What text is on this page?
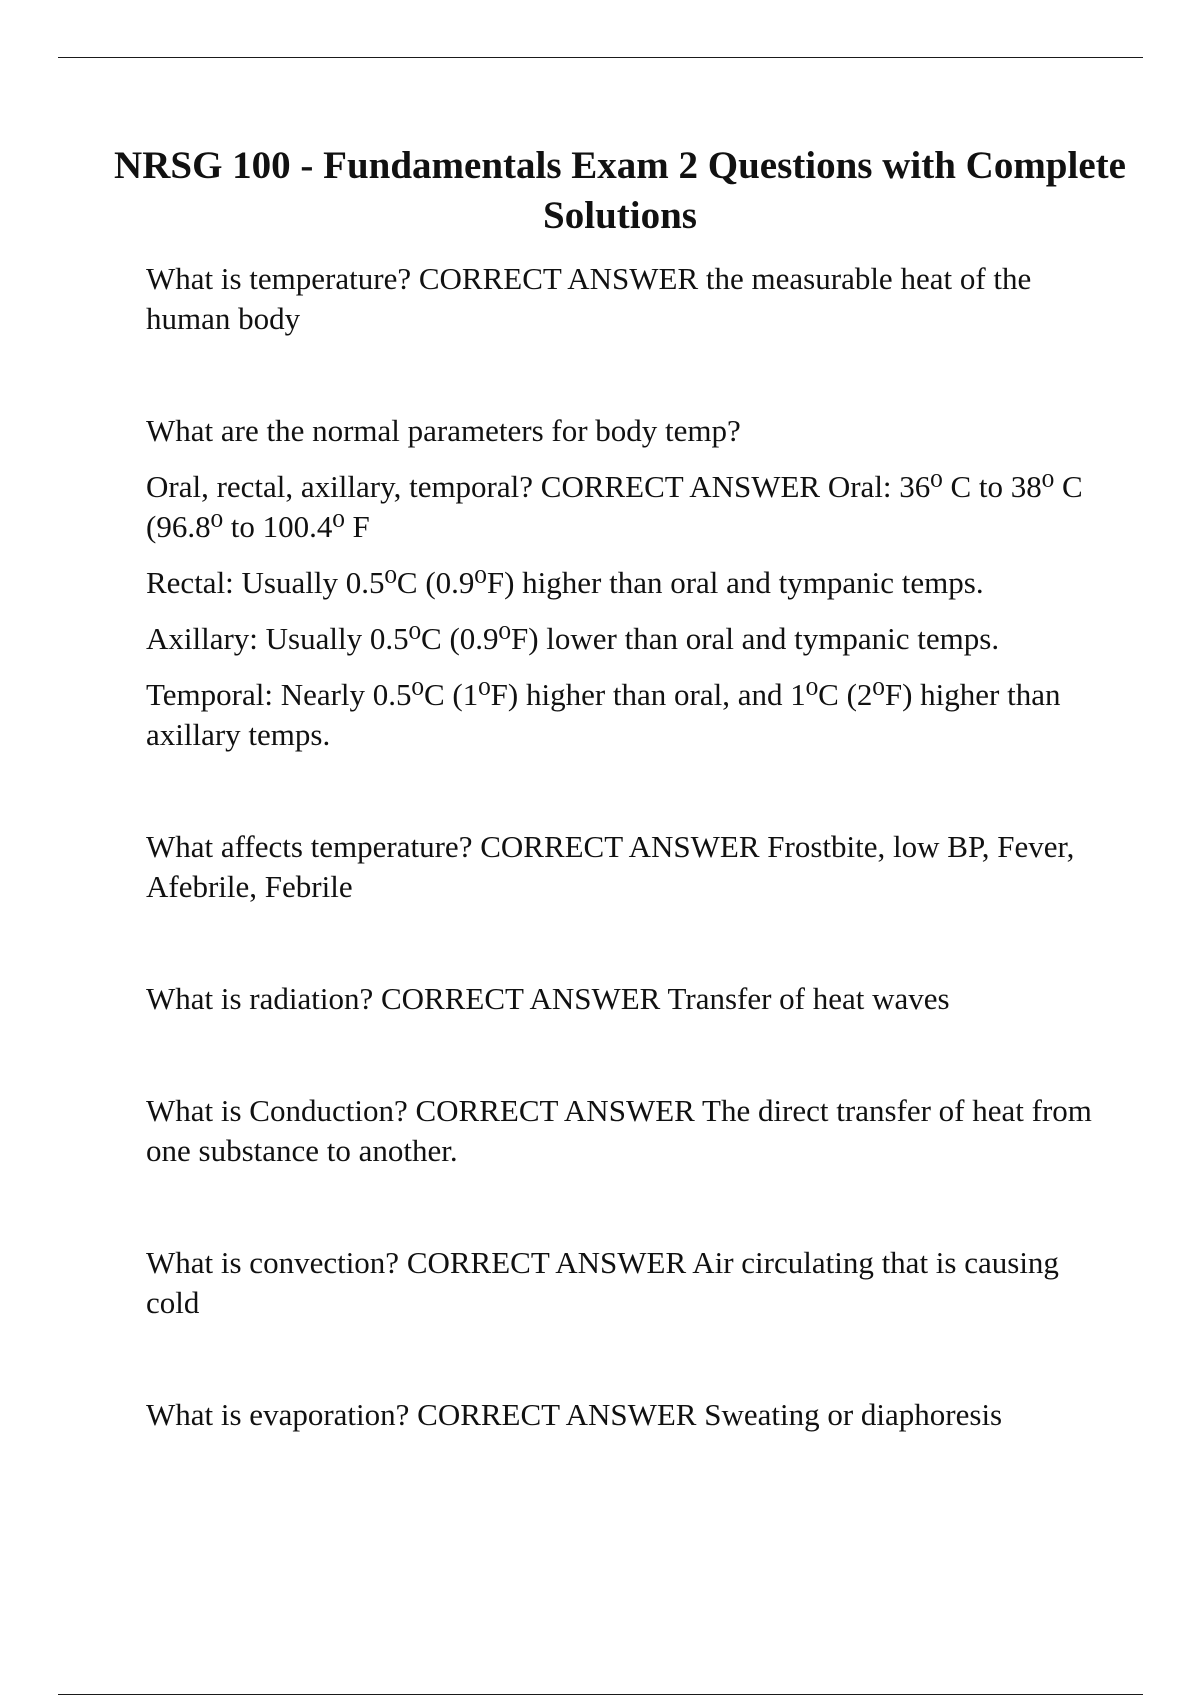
NRSG 100 - Fundamentals Exam 2 Questions with Complete Solutions

What is temperature? CORRECT ANSWER the measurable heat of the human body

What are the normal parameters for body temp?

Oral, rectal, axillary, temporal? CORRECT ANSWER Oral: 36⁰ C to 38⁰ C (96.8⁰ to 100.4⁰ F

Rectal: Usually 0.5⁰C (0.9⁰F) higher than oral and tympanic temps.

Axillary: Usually 0.5⁰C (0.9⁰F) lower than oral and tympanic temps.

Temporal: Nearly 0.5⁰C (1⁰F) higher than oral, and 1⁰C (2⁰F) higher than axillary temps.

What affects temperature? CORRECT ANSWER Frostbite, low BP, Fever, Afebrile, Febrile

What is radiation? CORRECT ANSWER Transfer of heat waves

What is Conduction? CORRECT ANSWER The direct transfer of heat from one substance to another.

What is convection? CORRECT ANSWER Air circulating that is causing cold

What is evaporation? CORRECT ANSWER Sweating or diaphoresis
